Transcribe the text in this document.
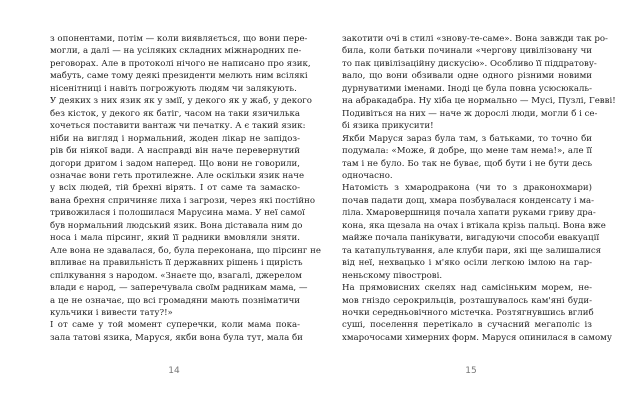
з опонентами, потім — коли виявляється, що вони пере-
могли, а далі — на усіляких складних міжнародних пе-
реговорах. Але в протоколі нічого не написано про язик,
мабуть, саме тому деякі президенти мелють ним всілякі
нісенітниці і навіть погрожують людям чи залякують.
У деяких з них язик як у змії, у декого як у жаб, у декого
без кісток, у декого як батіг, часом на таки язичилька
хочеться поставити вантаж чи печатку. А є такий язик:
ніби на вигляд і нормальний, жоден лікар не запідоз-
рів би ніякої вади. А насправді він наче перевернутий
догори дригом і задом наперед. Що вони не говорили,
означає вони геть протилежне. Але оскільки язик наче
у всіх людей, тій брехні вірять. І от саме та замаско-
вана брехня спричиняє лиха і загрози, через які постійно
тривожилася і полошилася Марусина мама. У неї самої
був нормальний людський язик. Вона діставала ним до
носа і мала пірсинг, який її радники вмовляли зняти.
Але вона не здавалася, бо, була переконана, що пірсинг не
впливає на правильність її державних рішень і щирість
спілкування з народом. «Знаєте що, взагалі, джерелом
влади є народ, — заперечувала своїм радникам мама, —
а це не означає, що всі громадяни мають позніматичи
кульчики і вивести тату?!»
І от саме у той момент суперечки, коли мама пока-
зала татові язика, Маруся, якби вона була тут, мала би
14
закотити очі в стилі «знову-те-саме». Вона завжди так ро-
била, коли батьки починали «чергову цивілізовану чи
то пак цивілізаційну дискусію». Особливо її піддратову-
вало, що вони обзивали одне одного різними новими
дурнуватими іменами. Іноді це була повна усюсюкаль-
на абракадабра. Ну хіба це нормально — Мусі, Пузлі, Гевві!
Подивіться на них — наче ж дорослі люди, могли б і се-
бі язика прикусити!
Якби Маруся зараз була там, з батьками, то точно би
подумала: «Може, й добре, що мене там нема!», але її
там і не було. Бо так не буває, щоб бути і не бути десь
одночасно.
Натомість з хмародракона (чи то з драконохмари)
почав падати дощ, хмара позбувалася конденсату і ма-
ліла. Хмаровершниця почала хапати руками гриву дра-
кона, яка щезала на очах і втікала крізь пальці. Вона вже
майже почала панікувати, вигадуючи способи евакуації
та катапультування, але клуби пари, які ще залишалися
від неї, нехвацько і м'яко осіли легкою імлою на гар-
неньскому півострові.
На прямовисних скелях над самісіньким морем, не-
мов гніздо серокрильців, розташувалось кам'яні буди-
ночки середньовічного містечка. Розтягнувшись вглиб
суші, поселення перетікало в сучасний мегаполіс із
хмарочосами химерних форм. Маруся опинилася в самому
15
